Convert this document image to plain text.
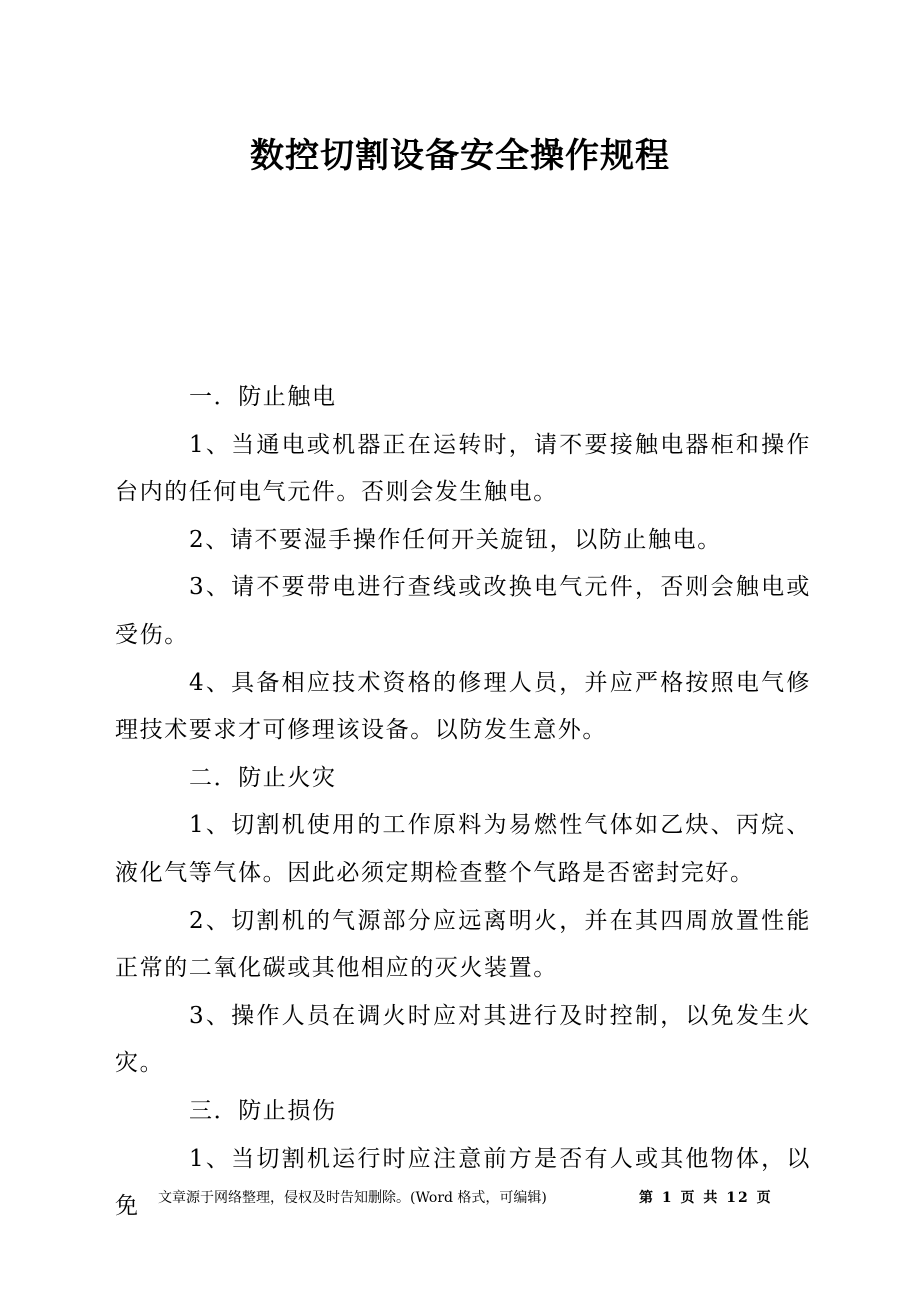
数控切割设备安全操作规程

一．防止触电

1、当通电或机器正在运转时，请不要接触电器柜和操作台内的任何电气元件。否则会发生触电。

2、请不要湿手操作任何开关旋钮，以防止触电。

3、请不要带电进行查线或改换电气元件，否则会触电或受伤。

4、具备相应技术资格的修理人员，并应严格按照电气修理技术要求才可修理该设备。以防发生意外。

二．防止火灾

1、切割机使用的工作原料为易燃性气体如乙炔、丙烷、液化气等气体。因此必须定期检查整个气路是否密封完好。

2、切割机的气源部分应远离明火，并在其四周放置性能正常的二氧化碳或其他相应的灭火装置。

3、操作人员在调火时应对其进行及时控制，以免发生火灾。

三．防止损伤

1、当切割机运行时应注意前方是否有人或其他物体，以免	文章源于网络整理，侵权及时告知删除。(Word 格式，可编辑)	第 1 页 共 12 页
